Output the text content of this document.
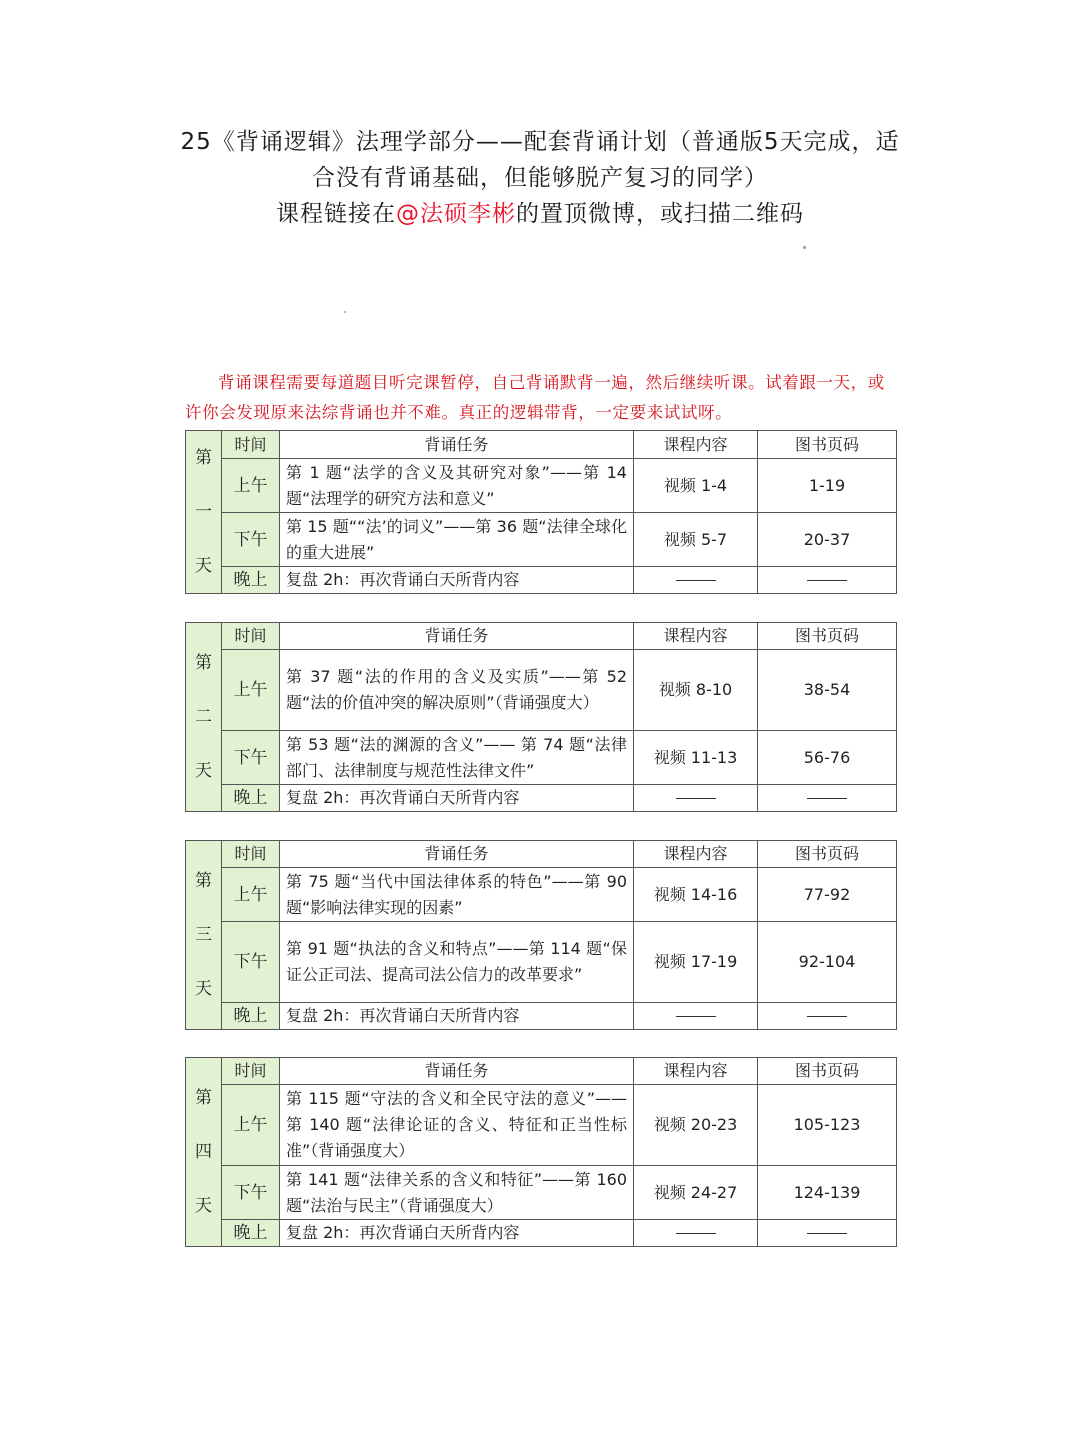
25《背诵逻辑》法理学部分——配套背诵计划（普通版5天完成，适
合没有背诵基础，但能够脱产复习的同学）
课程链接在@法硕李彬的置顶微博，或扫描二维码
背诵课程需要每道题目听完课暂停，自己背诵默背一遍，然后继续听课。试着跟一天，或许你会发现原来法综背诵也并不难。真正的逻辑带背，一定要来试试呀。
第
一
天	时间	背诵任务	课程内容	图书页码
	上午	第 1 题“法学的含义及其研究对象”——第 14 题“法理学的研究方法和意义”	视频 1-4	1-19
	下午	第 15 题““法’的词义”——第 36 题“法律全球化的重大进展”	视频 5-7	20-37
	晚上	复盘 2h：再次背诵白天所背内容		
第
二
天	时间	背诵任务	课程内容	图书页码
	上午	第 37 题“法的作用的含义及实质”——第 52 题“法的价值冲突的解决原则”（背诵强度大）	视频 8-10	38-54
	下午	第 53 题“法的渊源的含义”—— 第 74 题“法律部门、法律制度与规范性法律文件”	视频 11-13	56-76
	晚上	复盘 2h：再次背诵白天所背内容		
第
三
天	时间	背诵任务	课程内容	图书页码
	上午	第 75 题“当代中国法律体系的特色”——第 90 题“影响法律实现的因素”	视频 14-16	77-92
	下午	第 91 题“执法的含义和特点”——第 114 题“保证公正司法、提高司法公信力的改革要求”	视频 17-19	92-104
	晚上	复盘 2h：再次背诵白天所背内容		
第
四
天	时间	背诵任务	课程内容	图书页码
	上午	第 115 题“守法的含义和全民守法的意义”——第 140 题“法律论证的含义、特征和正当性标准”（背诵强度大）	视频 20-23	105-123
	下午	第 141 题“法律关系的含义和特征”——第 160 题“法治与民主”（背诵强度大）	视频 24-27	124-139
	晚上	复盘 2h：再次背诵白天所背内容		
